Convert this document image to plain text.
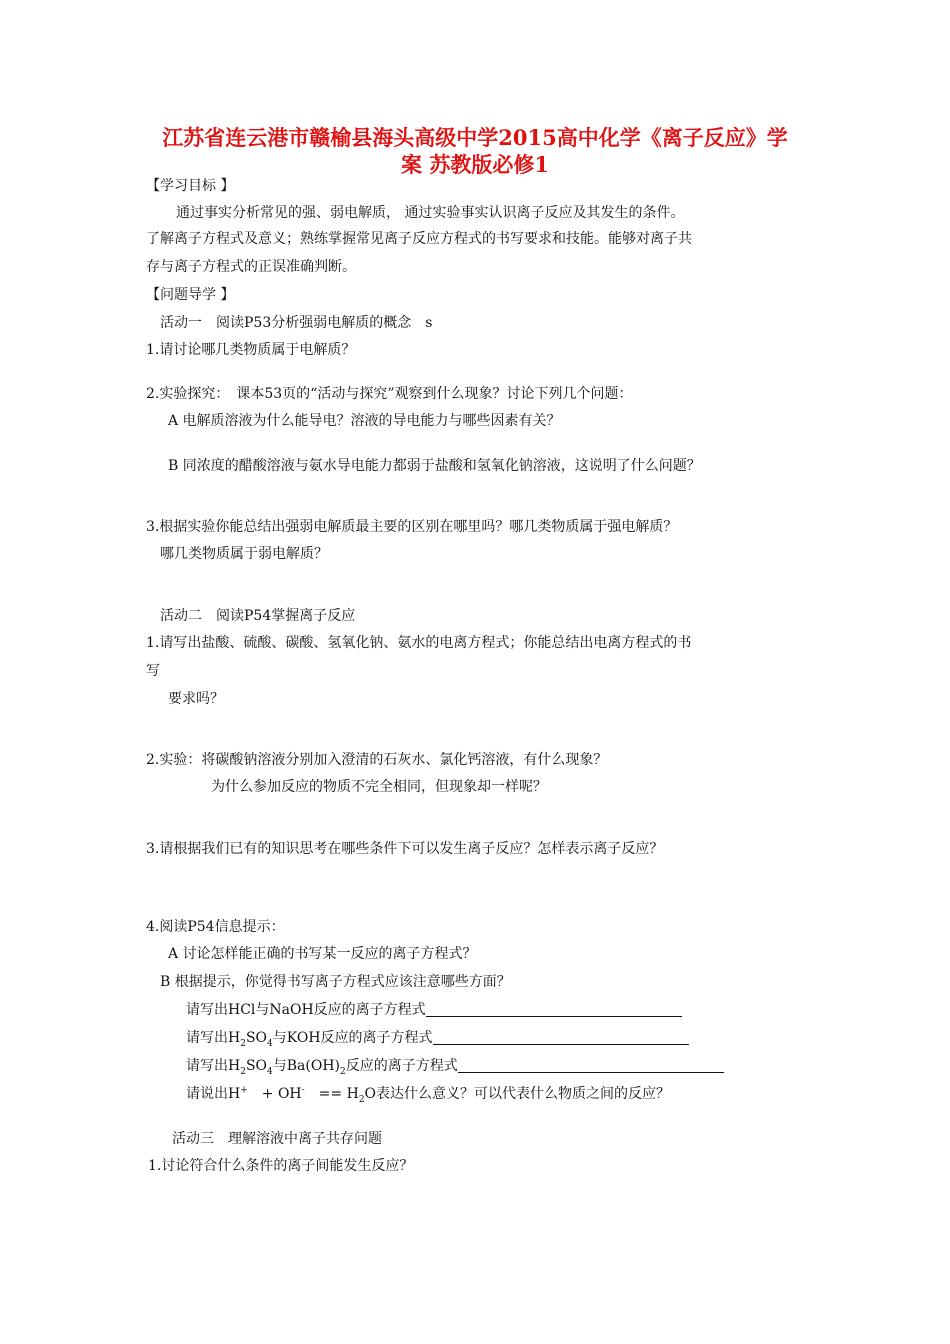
江苏省连云港市赣榆县海头高级中学2015高中化学《离子反应》学
案 苏教版必修1
【学习目标 】
通过事实分析常见的强、弱电解质， 通过实验事实认识离子反应及其发生的条件。
了解离子方程式及意义；熟练掌握常见离子反应方程式的书写要求和技能。能够对离子共
存与离子方程式的正误准确判断。
【问题导学 】
活动一　阅读P53分析强弱电解质的概念　s
1.请讨论哪几类物质属于电解质？
2.实验探究：　课本53页的“活动与探究”观察到什么现象？讨论下列几个问题：
A 电解质溶液为什么能导电？溶液的导电能力与哪些因素有关？
B 同浓度的醋酸溶液与氨水导电能力都弱于盐酸和氢氧化钠溶液，这说明了什么问题？
3.根据实验你能总结出强弱电解质最主要的区别在哪里吗？哪几类物质属于强电解质？
哪几类物质属于弱电解质？
活动二　阅读P54掌握离子反应
1.请写出盐酸、硫酸、碳酸、氢氧化钠、氨水的电离方程式；你能总结出电离方程式的书
写
要求吗？
2.实验：将碳酸钠溶液分别加入澄清的石灰水、氯化钙溶液，有什么现象？
为什么参加反应的物质不完全相同，但现象却一样呢？
3.请根据我们已有的知识思考在哪些条件下可以发生离子反应？怎样表示离子反应？
4.阅读P54信息提示：
A 讨论怎样能正确的书写某一反应的离子方程式？
B 根据提示，你觉得书写离子方程式应该注意哪些方面？
请写出HCl与NaOH反应的离子方程式
请写出$H_2SO_4$与KOH反应的离子方程式
请写出$H_2SO_4$与$Ba(OH)_2$反应的离子方程式
请说出H+　+ OH-　== $H_2O$表达什么意义？可以代表什么物质之间的反应？
活动三　理解溶液中离子共存问题
1.讨论符合什么条件的离子间能发生反应？
